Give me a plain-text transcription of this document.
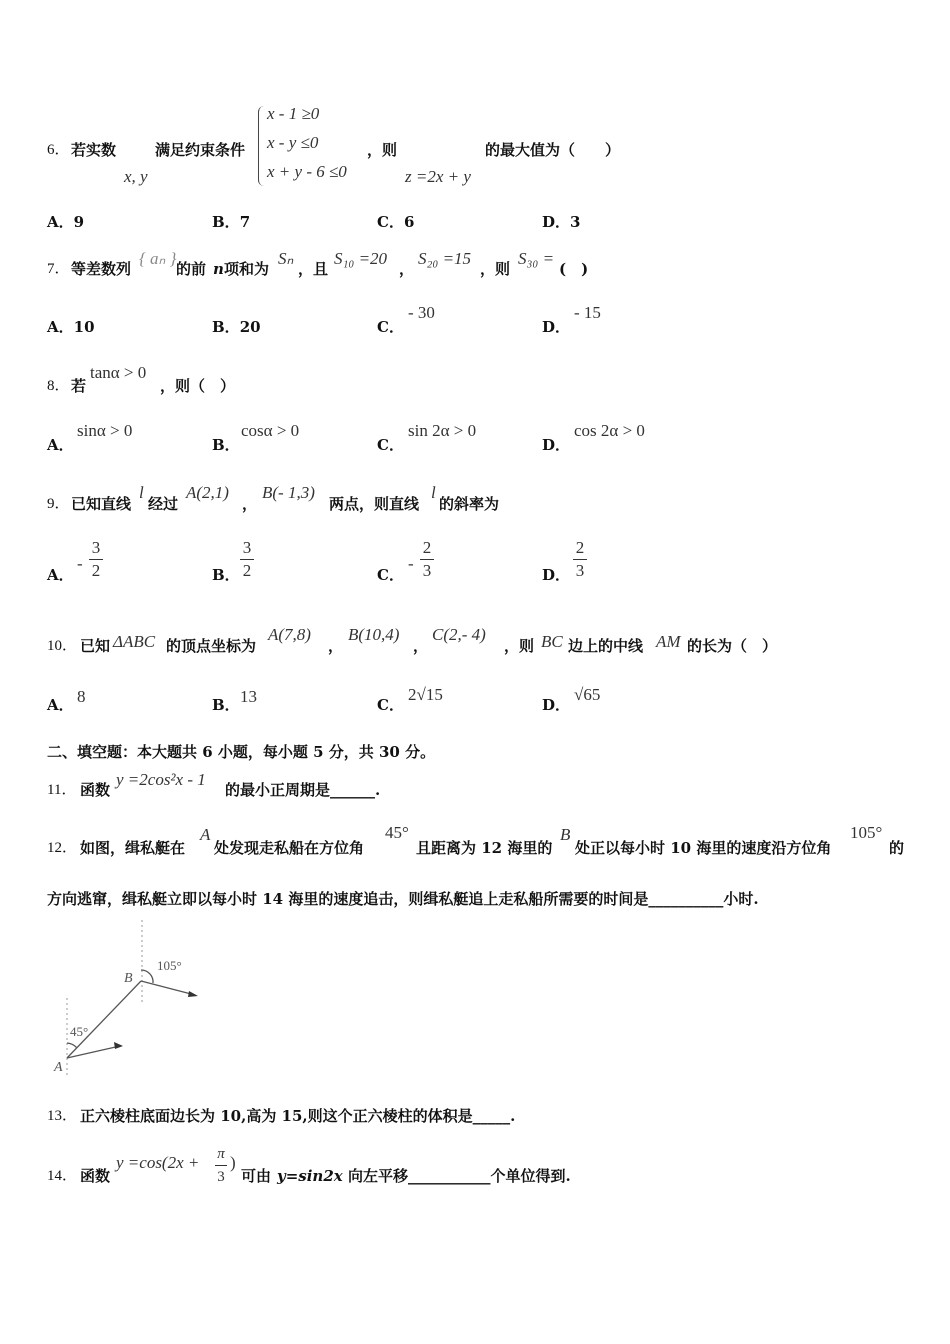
6． 若实数
x, y
满足约束条件
x - 1 ≥0
x - y ≤0
x + y - 6 ≤0
，则
z =2x + y
的最大值为（　　）
A．9	B．7	C．6	D．3
7． 等差数列
{ aₙ }
的前 n 项和为
Sₙ
，且
S₁₀ =20
，
S₂₀ =15
，则
S₃₀ =
(　)
A．10	B．20	C．
- 30
D．
- 15
8． 若
tanα > 0
，则（　）
A．
sinα > 0
B．
cosα > 0
C．
sin 2α > 0
D．
cos 2α > 0
9． 已知直线
l
经过
A(2,1)
，
B(- 1,3)
两点，则直线
l
的斜率为
A．
-
3
2	B．
3
2	C．
-
2
3	D．
2
3
10． 已知 ΔABC 的顶点坐标为
A(7,8)
，
B(10,4)
，
C(2,- 4)
，则 BC 边上的中线 AM 的长为（　）
A． 8	B． 13	C．
2√15
D．
√65
二、填空题：本大题共 6 小题，每小题 5 分，共 30 分。
11． 函数
y =2cos²x - 1
的最小正周期是______.
12． 如图，缉私艇在
A
处发现走私船在方位角
45°
且距离为 12 海里的
B
处正以每小时 10 海里的速度沿方位角
105°
的
方向逃窜，缉私艇立即以每小时 14 海里的速度追击，则缉私艇追上走私船所需要的时间是__________小时.
B
A
45°
105°
13． 正六棱柱底面边长为 10,高为 15,则这个正六棱柱的体积是_____.
14． 函数
y =cos(2x + π
3
)
可由 y=sin2x 向左平移___________个单位得到.
